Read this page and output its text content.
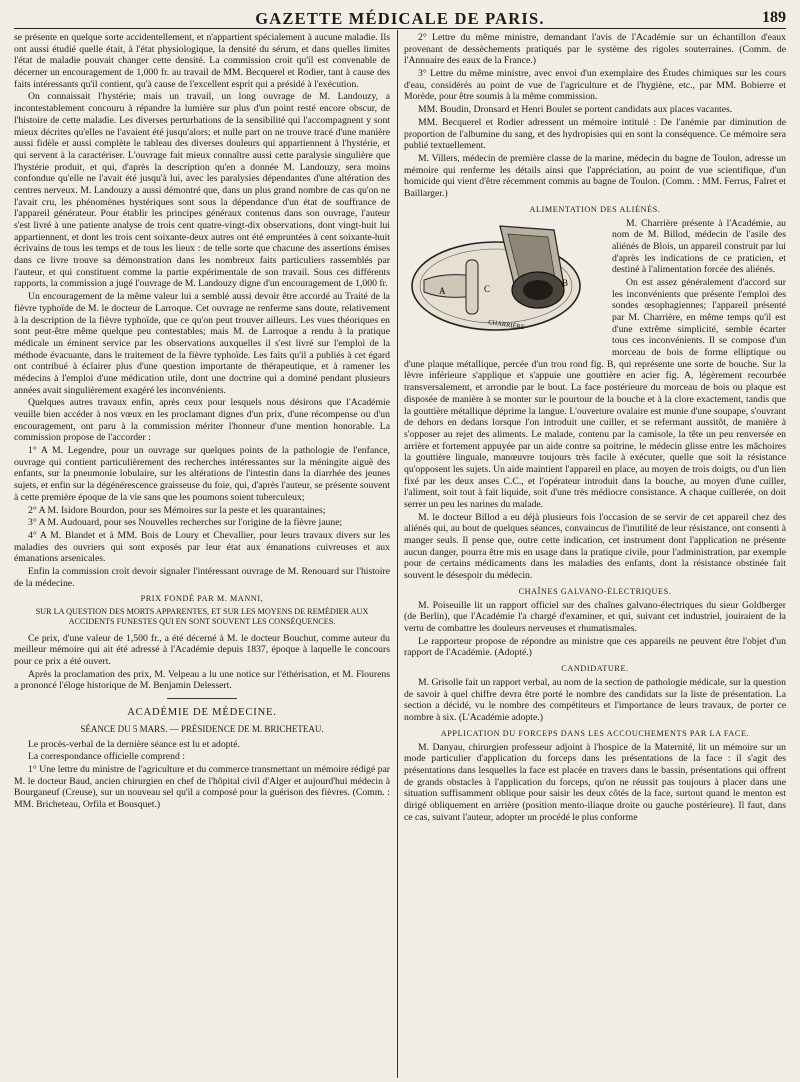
GAZETTE MÉDICALE DE PARIS.	189

se présente en quelque sorte accidentellement, et n'appartient spécialement à aucune maladie. Ils ont aussi étudié quelle était, à l'état physiologique, la densité du sérum, et dans quelles limites l'état de maladie pouvait changer cette densité. La commission croit qu'il est convenable de décerner un encouragement de 1,000 fr. au travail de MM. Becquerel et Rodier, tant à cause des faits intéressants qu'il contient, qu'à cause de l'excellent esprit qui a présidé à l'exécution.

On connaissait l'hystérie; mais un travail, un long ouvrage de M. Landouzy, a incontestablement concouru à répandre la lumière sur plus d'un point resté encore obscur, de l'histoire de cette maladie. Les diverses perturbations de la sensibilité qui l'accompagnent y sont mieux décrites qu'elles ne l'avaient été jusqu'alors; et nulle part on ne trouve tracé d'une manière aussi fidèle et aussi complète le tableau des diverses douleurs qui appartiennent à l'hystérie, et qui servent à la caractériser. L'ouvrage fait mieux connaître aussi cette paralysie singulière que l'hystérie produit, et qui, d'après la description qu'en a donnée M. Landouzy, sera moins confondue qu'elle ne l'avait été jusqu'à lui, avec les paralysies dépendantes d'une altération des centres nerveux. M. Landouzy a aussi démontré que, dans un plus grand nombre de cas qu'on ne l'avait cru, les phénomènes hystériques sont sous la dépendance d'un état de souffrance de l'appareil générateur. Pour établir les principes généraux contenus dans son ouvrage, l'auteur s'est livré à une patiente analyse de trois cent quatre-vingt-dix observations, dont vingt-huit lui appartiennent, et dont les trois cent soixante-deux autres ont été empruntées à cent soixante-huit écrivains de tous les temps et de tous les lieux : de telle sorte que chacune des assertions émises dans ce livre trouve sa démonstration dans les nombreux faits particuliers rassemblés par l'auteur, et qui constituent comme la partie expérimentale de son travail. Sous ces différents rapports, la commission a jugé l'ouvrage de M. Landouzy digne d'un encouragement de 1,000 fr.

Un encouragement de la même valeur lui a semblé aussi devoir être accordé au Traité de la fièvre typhoïde de M. le docteur de Larroque. Cet ouvrage ne renferme sans doute, relativement à la description de la fièvre typhoïde, que ce qu'on peut trouver ailleurs. Les vues théoriques en sont peut-être même quelque peu contestables; mais M. de Larroque a rendu à la pratique médicale un éminent service par les observations auxquelles il s'est livré sur l'emploi de la méthode évacuante, dans le traitement de la fièvre typhoïde. Les faits qu'il a publiés à cet égard ont contribué à éclairer plus d'une question importante de thérapeutique, et à ramener les médecins à l'emploi d'une médication utile, dont une doctrine qui a dominé pendant plusieurs années avait singulièrement exagéré les inconvénients.

Quelques autres travaux enfin, après ceux pour lesquels nous désirons que l'Académie veuille bien accéder à nos vœux en les proclamant dignes d'un prix, d'une récompense ou d'un encouragement, ont paru à la commission mériter l'honneur d'une mention honorable. La commission propose de l'accorder :

1° A M. Legendre, pour un ouvrage sur quelques points de la pathologie de l'enfance, ouvrage qui contient particulièrement des recherches intéressantes sur la méningite aiguë des enfants, sur la pneumonie lobulaire, sur les altérations de l'intestin dans la diarrhée des jeunes sujets, et enfin sur la dégénérescence graisseuse du foie, qui, d'après l'auteur, se présente souvent à cette première époque de la vie sans que les poumons soient tuberculeux;

2° A M. Isidore Bourdon, pour ses Mémoires sur la peste et les quarantaines;

3° A M. Audouard, pour ses Nouvelles recherches sur l'origine de la fièvre jaune;

4° A M. Blandet et à MM. Bois de Loury et Chevallier, pour leurs travaux divers sur les maladies des ouvriers qui sont exposés par leur état aux émanations cuivreuses et aux émanations arsenicales.

Enfin la commission croit devoir signaler l'intéressant ouvrage de M. Renouard sur l'histoire de la médecine.

PRIX FONDÉ PAR M. MANNI,
SUR LA QUESTION DES MORTS APPARENTES, ET SUR LES MOYENS DE REMÉDIER AUX ACCIDENTS FUNESTES QUI EN SONT SOUVENT LES CONSÉQUENCES.

Ce prix, d'une valeur de 1,500 fr., a été décerné à M. le docteur Bouchut, comme auteur du meilleur mémoire qui ait été adressé à l'Académie depuis 1837, époque à laquelle le concours pour ce prix a été ouvert.

Après la proclamation des prix, M. Velpeau a lu une notice sur l'éthérisation, et M. Flourens a prononcé l'éloge historique de M. Benjamin Delessert.

ACADÉMIE DE MÉDECINE.
SÉANCE DU 5 MARS. — PRÉSIDENCE DE M. BRICHETEAU.

Le procès-verbal de la dernière séance est lu et adopté.

La correspondance officielle comprend :

1° Une lettre du ministre de l'agriculture et du commerce transmettant un mémoire rédigé par M. le docteur Baud, ancien chirurgien en chef de l'hôpital civil d'Alger et aujourd'hui médecin à Bourganeuf (Creuse), sur un nouveau sel qu'il a composé pour la guérison des fièvres. (Comm. : MM. Bricheteau, Orfila et Bousquet.)

2° Lettre du même ministre, demandant l'avis de l'Académie sur un échantillon d'eaux provenant de dessèchements pratiqués par le système des rigoles souterraines. (Comm. de l'Annuaire des eaux de la France.)

3° Lettre du même ministre, avec envoi d'un exemplaire des Études chimiques sur les cours d'eau, considérés au point de vue de l'agriculture et de l'hygiène, etc., par MM. Bobierre et Morède, pour être soumis à la même commission.

MM. Boudin, Dronsard et Henri Boulet se portent candidats aux places vacantes.

MM. Becquerel et Rodier adressent un mémoire intitulé : De l'anémie par diminution de proportion de l'albumine du sang, et des hydropisies qui en sont la conséquence. Ce mémoire sera publié textuellement.

M. Villers, médecin de première classe de la marine, médecin du bagne de Toulon, adresse un mémoire qui renferme les détails ainsi que l'appréciation, au point de vue scientifique, d'un homicide qui vient d'être récemment commis au bagne de Toulon. (Comm. : MM. Ferrus, Falret et Baillarger.)

ALIMENTATION DES ALIÉNÉS.
A
B
C
CHARRIÈRE

M. Charrière présente à l'Académie, au nom de M. Billod, médecin de l'asile des aliénés de Blois, un appareil construit par lui d'après les indications de ce praticien, et destiné à l'alimentation forcée des aliénés.

On est assez généralement d'accord sur les inconvénients que présente l'emploi des sondes œsophagiennes; l'appareil présenté par M. Charrière, en même temps qu'il est d'une extrême simplicité, semble écarter tous ces inconvénients. Il se compose d'un morceau de bois de forme elliptique ou d'une plaque métallique, percée d'un trou rond fig. B, qui représente une sorte de bouche. Sur la lèvre inférieure s'applique et s'appuie une gouttière en acier fig. A, légèrement recourbée transversalement, et arrondie par le bout. La face postérieure du morceau de bois ou plaque est disposée de manière à se monter sur le pourtour de la bouche et à la clore exactement, tandis que la gouttière métallique déprime la langue. L'ouverture ovalaire est munie d'une soupape, s'ouvrant de dehors en dedans lorsque l'on introduit une cuiller, et se refermant aussitôt, de manière à s'opposer au rejet des aliments. Le malade, contenu par la camisole, la tête un peu renversée en arrière et fortement appuyée par un aide contre sa poitrine, le médecin glisse entre les mâchoires la gouttière linguale, manœuvre toujours très facile à exécuter, quelle que soit la résistance qu'opposent les sujets. Un aide maintient l'appareil en place, au moyen de trois doigts, ou d'un lien fixé par les deux anses C.C., et l'opérateur introduit dans la bouche, au moyen d'une cuiller, l'aliment, soit tout à fait liquide, soit d'une très médiocre consistance. A chaque cuillerée, on doit serrer un peu les narines du malade.

M. le docteur Billod a eu déjà plusieurs fois l'occasion de se servir de cet appareil chez des aliénés qui, au bout de quelques séances, convaincus de l'inutilité de leur résistance, ont consenti à manger seuls. Il pense que, outre cette indication, cet instrument dont l'application ne présente aucun danger, pourra être mis en usage dans la pratique civile, pour l'administration, par exemple pour de certains médicaments dans les maladies des enfants, dont la résistance obstinée fait souvent le désespoir du médecin.

CHAÎNES GALVANO-ÉLECTRIQUES.

M. Poiseuille lit un rapport officiel sur des chaînes galvano-électriques du sieur Goldberger (de Berlin), que l'Académie l'a chargé d'examiner, et qui, suivant cet industriel, jouiraient de la vertu de combattre les douleurs nerveuses et rhumatismales.

Le rapporteur propose de répondre au ministre que ces appareils ne peuvent être l'objet d'un rapport de l'Académie. (Adopté.)

CANDIDATURE.

M. Grisolle fait un rapport verbal, au nom de la section de pathologie médicale, sur la question de savoir à quel chiffre devra être porté le nombre des candidats sur la liste de présentation. La section a décidé, vu le nombre des compétiteurs et l'importance de leurs travaux, de porter ce nombre à six. (L'Académie adopte.)

APPLICATION DU FORCEPS DANS LES ACCOUCHEMENTS PAR LA FACE.

M. Danyau, chirurgien professeur adjoint à l'hospice de la Maternité, lit un mémoire sur un mode particulier d'application du forceps dans les présentations de la face : il s'agit des présentations dans lesquelles la face est placée en travers dans le bassin, présentations qui offrent de grands obstacles à l'application du forceps, qu'on ne réussit pas toujours à placer dans une situation suffisamment oblique pour saisir les deux côtés de la face, surtout quand le menton est dirigé obliquement en arrière (position mento-iliaque droite ou gauche postérieure). Il faut, dans ce cas, suivant l'auteur, adopter un procédé le plus conforme
